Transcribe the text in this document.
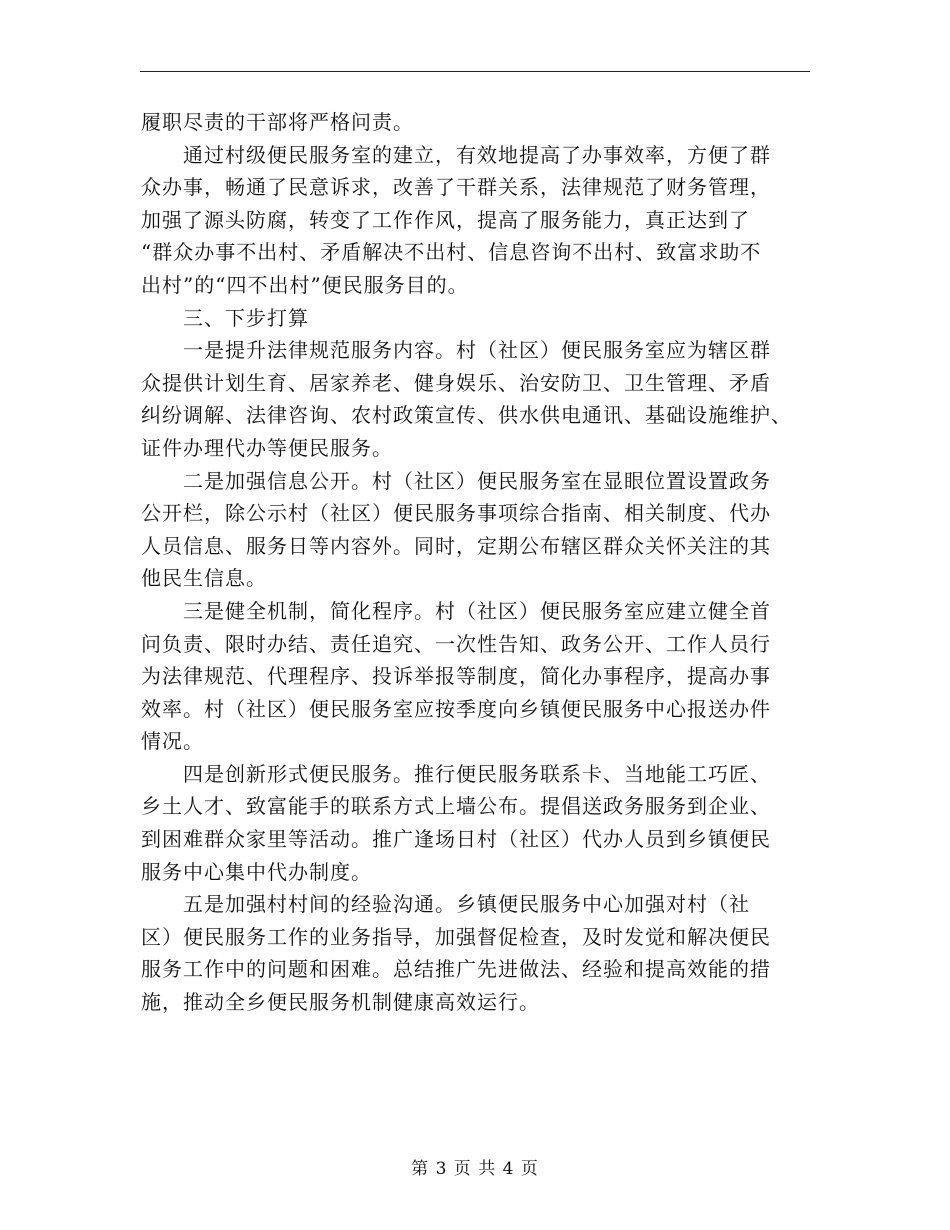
履职尽责的干部将严格问责。

　　通过村级便民服务室的建立，有效地提高了办事效率，方便了群
众办事，畅通了民意诉求，改善了干群关系，法律规范了财务管理，
加强了源头防腐，转变了工作作风，提高了服务能力，真正达到了
“群众办事不出村、矛盾解决不出村、信息咨询不出村、致富求助不
出村”的“四不出村”便民服务目的。

　　三、下步打算

　　一是提升法律规范服务内容。村（社区）便民服务室应为辖区群
众提供计划生育、居家养老、健身娱乐、治安防卫、卫生管理、矛盾
纠纷调解、法律咨询、农村政策宣传、供水供电通讯、基础设施维护、
证件办理代办等便民服务。

　　二是加强信息公开。村（社区）便民服务室在显眼位置设置政务
公开栏，除公示村（社区）便民服务事项综合指南、相关制度、代办
人员信息、服务日等内容外。同时，定期公布辖区群众关怀关注的其
他民生信息。

　　三是健全机制，简化程序。村（社区）便民服务室应建立健全首
问负责、限时办结、责任追究、一次性告知、政务公开、工作人员行
为法律规范、代理程序、投诉举报等制度，简化办事程序，提高办事
效率。村（社区）便民服务室应按季度向乡镇便民服务中心报送办件
情况。

　　四是创新形式便民服务。推行便民服务联系卡、当地能工巧匠、
乡土人才、致富能手的联系方式上墙公布。提倡送政务服务到企业、
到困难群众家里等活动。推广逢场日村（社区）代办人员到乡镇便民
服务中心集中代办制度。

　　五是加强村村间的经验沟通。乡镇便民服务中心加强对村（社
区）便民服务工作的业务指导，加强督促检查，及时发觉和解决便民
服务工作中的问题和困难。总结推广先进做法、经验和提高效能的措
施，推动全乡便民服务机制健康高效运行。

第 3 页 共 4 页
